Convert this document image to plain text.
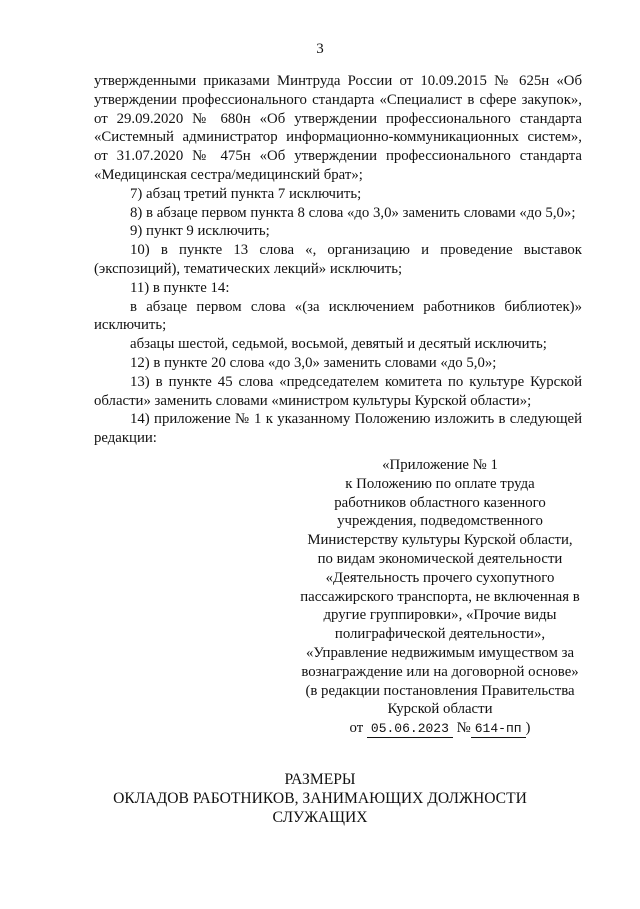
3

утвержденными приказами Минтруда России от 10.09.2015 № 625н «Об утверждении профессионального стандарта «Специалист в сфере закупок», от 29.09.2020 № 680н «Об утверждении профессионального стандарта «Системный администратор информационно-коммуникационных систем», от 31.07.2020 № 475н «Об утверждении профессионального стандарта «Медицинская сестра/медицинский брат»;

7) абзац третий пункта 7 исключить;

8) в абзаце первом пункта 8 слова «до 3,0» заменить словами «до 5,0»;

9) пункт 9 исключить;

10) в пункте 13 слова «, организацию и проведение выставок (экспозиций), тематических лекций» исключить;

11) в пункте 14:

в абзаце первом слова «(за исключением работников библиотек)» исключить;

абзацы шестой, седьмой, восьмой, девятый и десятый исключить;

12) в пункте 20 слова «до 3,0» заменить словами «до 5,0»;

13) в пункте 45 слова «председателем комитета по культуре Курской области» заменить словами «министром культуры Курской области»;

14) приложение № 1 к указанному Положению изложить в следующей редакции:

«Приложение № 1

к Положению по оплате труда

работников областного казенного

учреждения, подведомственного

Министерству культуры Курской области,

по видам экономической деятельности

«Деятельность прочего сухопутного

пассажирского транспорта, не включенная в

другие группировки», «Прочие виды

полиграфической деятельности»,

«Управление недвижимым имуществом за

вознаграждение или на договорной основе»

(в редакции постановления Правительства

Курской области

от 05.06.2023 № 614-пп )

РАЗМЕРЫ

ОКЛАДОВ РАБОТНИКОВ, ЗАНИМАЮЩИХ ДОЛЖНОСТИ

СЛУЖАЩИХ
